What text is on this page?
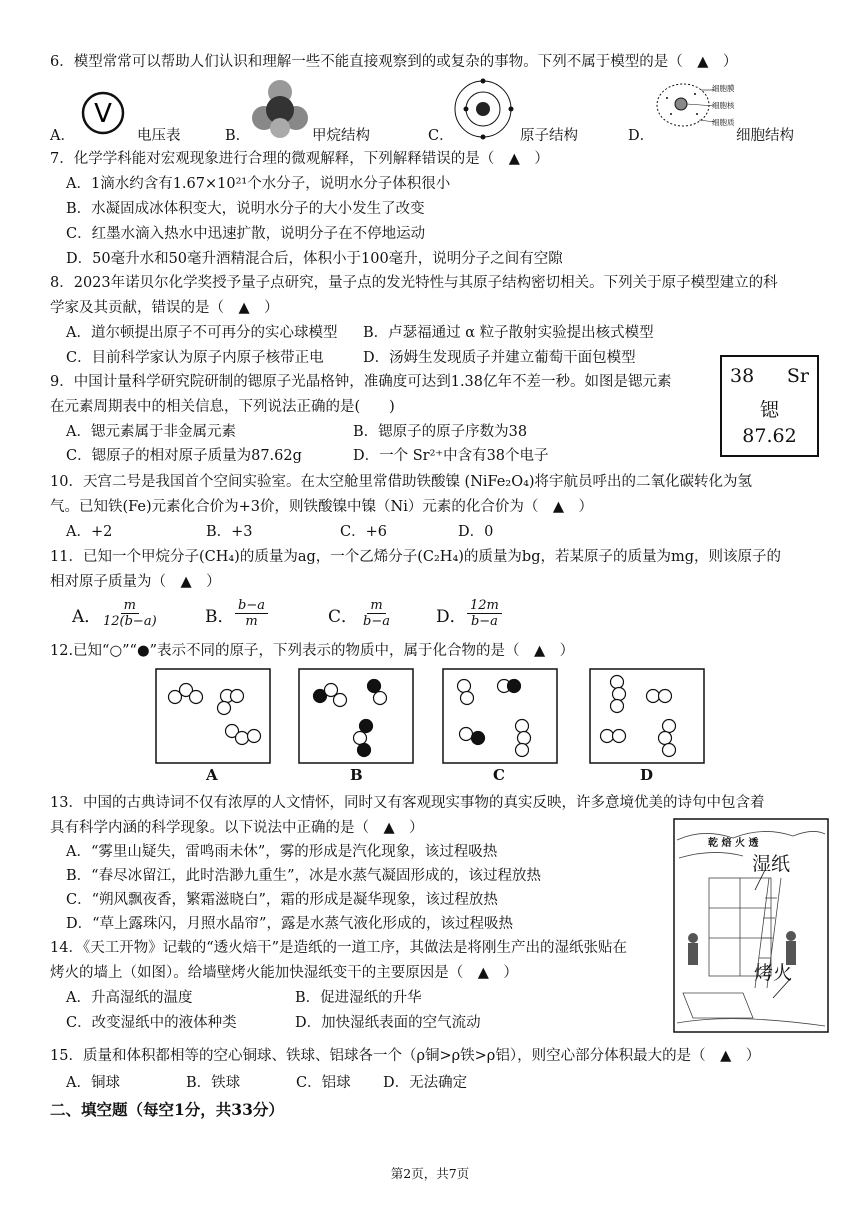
6．模型常常可以帮助人们认识和理解一些不能直接观察到的或复杂的事物。下列不属于模型的是（　▲　）
A．
V
电压表	B．	甲烷结构	C．	原子结构	D．
细胞膜
细胞核
细胞质
细胞结构
7．化学学科能对宏观现象进行合理的微观解释，下列解释错误的是（　▲　）
A．1滴水约含有1.67×10²¹个水分子，说明水分子体积很小
B．水凝固成冰体积变大，说明水分子的大小发生了改变
C．红墨水滴入热水中迅速扩散，说明分子在不停地运动
D．50毫升水和50毫升酒精混合后，体积小于100毫升，说明分子之间有空隙
8．2023年诺贝尔化学奖授予量子点研究，量子点的发光特性与其原子结构密切相关。下列关于原子模型建立的科
学家及其贡献，错误的是（　▲　）
A．道尔顿提出原子不可再分的实心球模型 B．卢瑟福通过 α 粒子散射实验提出核式模型
C．目前科学家认为原子内原子核带正电	D．汤姆生发现质子并建立葡萄干面包模型
9．中国计量科学研究院研制的锶原子光晶格钟，准确度可达到1.38亿年不差一秒。如图是锶元素
在元素周期表中的相关信息，下列说法正确的是(　　)
A．锶元素属于非金属元素	B．锶原子的原子序数为38
C．锶原子的相对原子质量为87.62g	D．一个 Sr²⁺中含有38个电子
38 Sr
锶
87.62
10．天宫二号是我国首个空间实验室。在太空舱里常借助铁酸镍 (NiFe₂O₄)将宇航员呼出的二氧化碳转化为氢
气。已知铁(Fe)元素化合价为+3价，则铁酸镍中镍（Ni）元素的化合价为（　▲　）
A．+2	B．+3	C．+6	D．0
11．已知一个甲烷分子(CH₄)的质量为ag，一个乙烯分子(C₂H₄)的质量为bg，若某原子的质量为mg，则该原子的
相对原子质量为（　▲　）
A．
$\frac{m}{12(b-a)}$	B． $\frac{b-a}{m}$	C． $\frac{m}{b-a}$	D． $\frac{12m}{b-a}$
12.已知“○”“●”表示不同的原子，下列表示的物质中，属于化合物的是（　▲　）
A	B	C	D
13．中国的古典诗词不仅有浓厚的人文情怀，同时又有客观现实事物的真实反映，许多意境优美的诗句中包含着
具有科学内涵的科学现象。以下说法中正确的是（　▲　）
A．“雾里山疑失，雷鸣雨未休”，雾的形成是汽化现象，该过程吸热
B．“春尽冰留江，此时浩渺九重生”，冰是水蒸气凝固形成的，该过程放热
C．“朔风飘夜香，繁霜滋晓白”，霜的形成是凝华现象，该过程放热
D．“草上露珠闪，月照水晶帘”，露是水蒸气液化形成的，该过程吸热
乾 焙 火 透
湿纸
烤火
14．《天工开物》记载的“透火焙干”是造纸的一道工序，其做法是将刚生产出的湿纸张贴在
烤火的墙上（如图）。给墙壁烤火能加快湿纸变干的主要原因是（　▲　）
A．升高湿纸的温度	B．促进湿纸的升华
C．改变湿纸中的液体种类	D．加快湿纸表面的空气流动
15．质量和体积都相等的空心铜球、铁球、铝球各一个（ρ铜>ρ铁>ρ铝），则空心部分体积最大的是（　▲　）
A．铜球	B．铁球	C．铝球 D．无法确定
二、填空题（每空1分，共33分）
第2页，共7页
